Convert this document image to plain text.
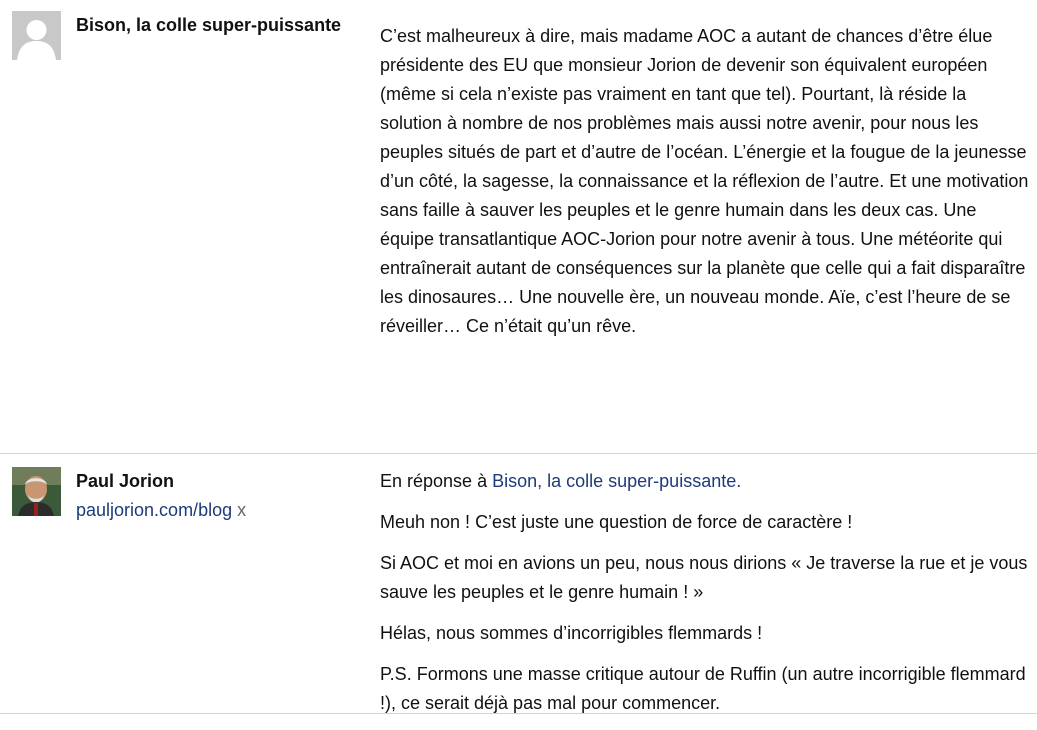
Bison, la colle super-puissante

C’est malheureux à dire, mais madame AOC a autant de chances d’être élue présidente des EU que monsieur Jorion de devenir son équivalent européen (même si cela n’existe pas vraiment en tant que tel). Pourtant, là réside la solution à nombre de nos problèmes mais aussi notre avenir, pour nous les peuples situés de part et d’autre de l’océan. L’énergie et la fougue de la jeunesse d’un côté, la sagesse, la connaissance et la réflexion de l’autre. Et une motivation sans faille à sauver les peuples et le genre humain dans les deux cas. Une équipe transatlantique AOC-Jorion pour notre avenir à tous. Une météorite qui entraînerait autant de conséquences sur la planète que celle qui a fait disparaître les dinosaures… Une nouvelle ère, un nouveau monde. Aïe, c’est l’heure de se réveiller… Ce n’était qu’un rêve.

Paul Jorion
pauljorion.com/blog x

En réponse à Bison, la colle super-puissante.

Meuh non ! C’est juste une question de force de caractère !

Si AOC et moi en avions un peu, nous nous dirions « Je traverse la rue et je vous sauve les peuples et le genre humain ! »

Hélas, nous sommes d’incorrigibles flemmards !

P.S. Formons une masse critique autour de Ruffin (un autre incorrigible flemmard !), ce serait déjà pas mal pour commencer.
